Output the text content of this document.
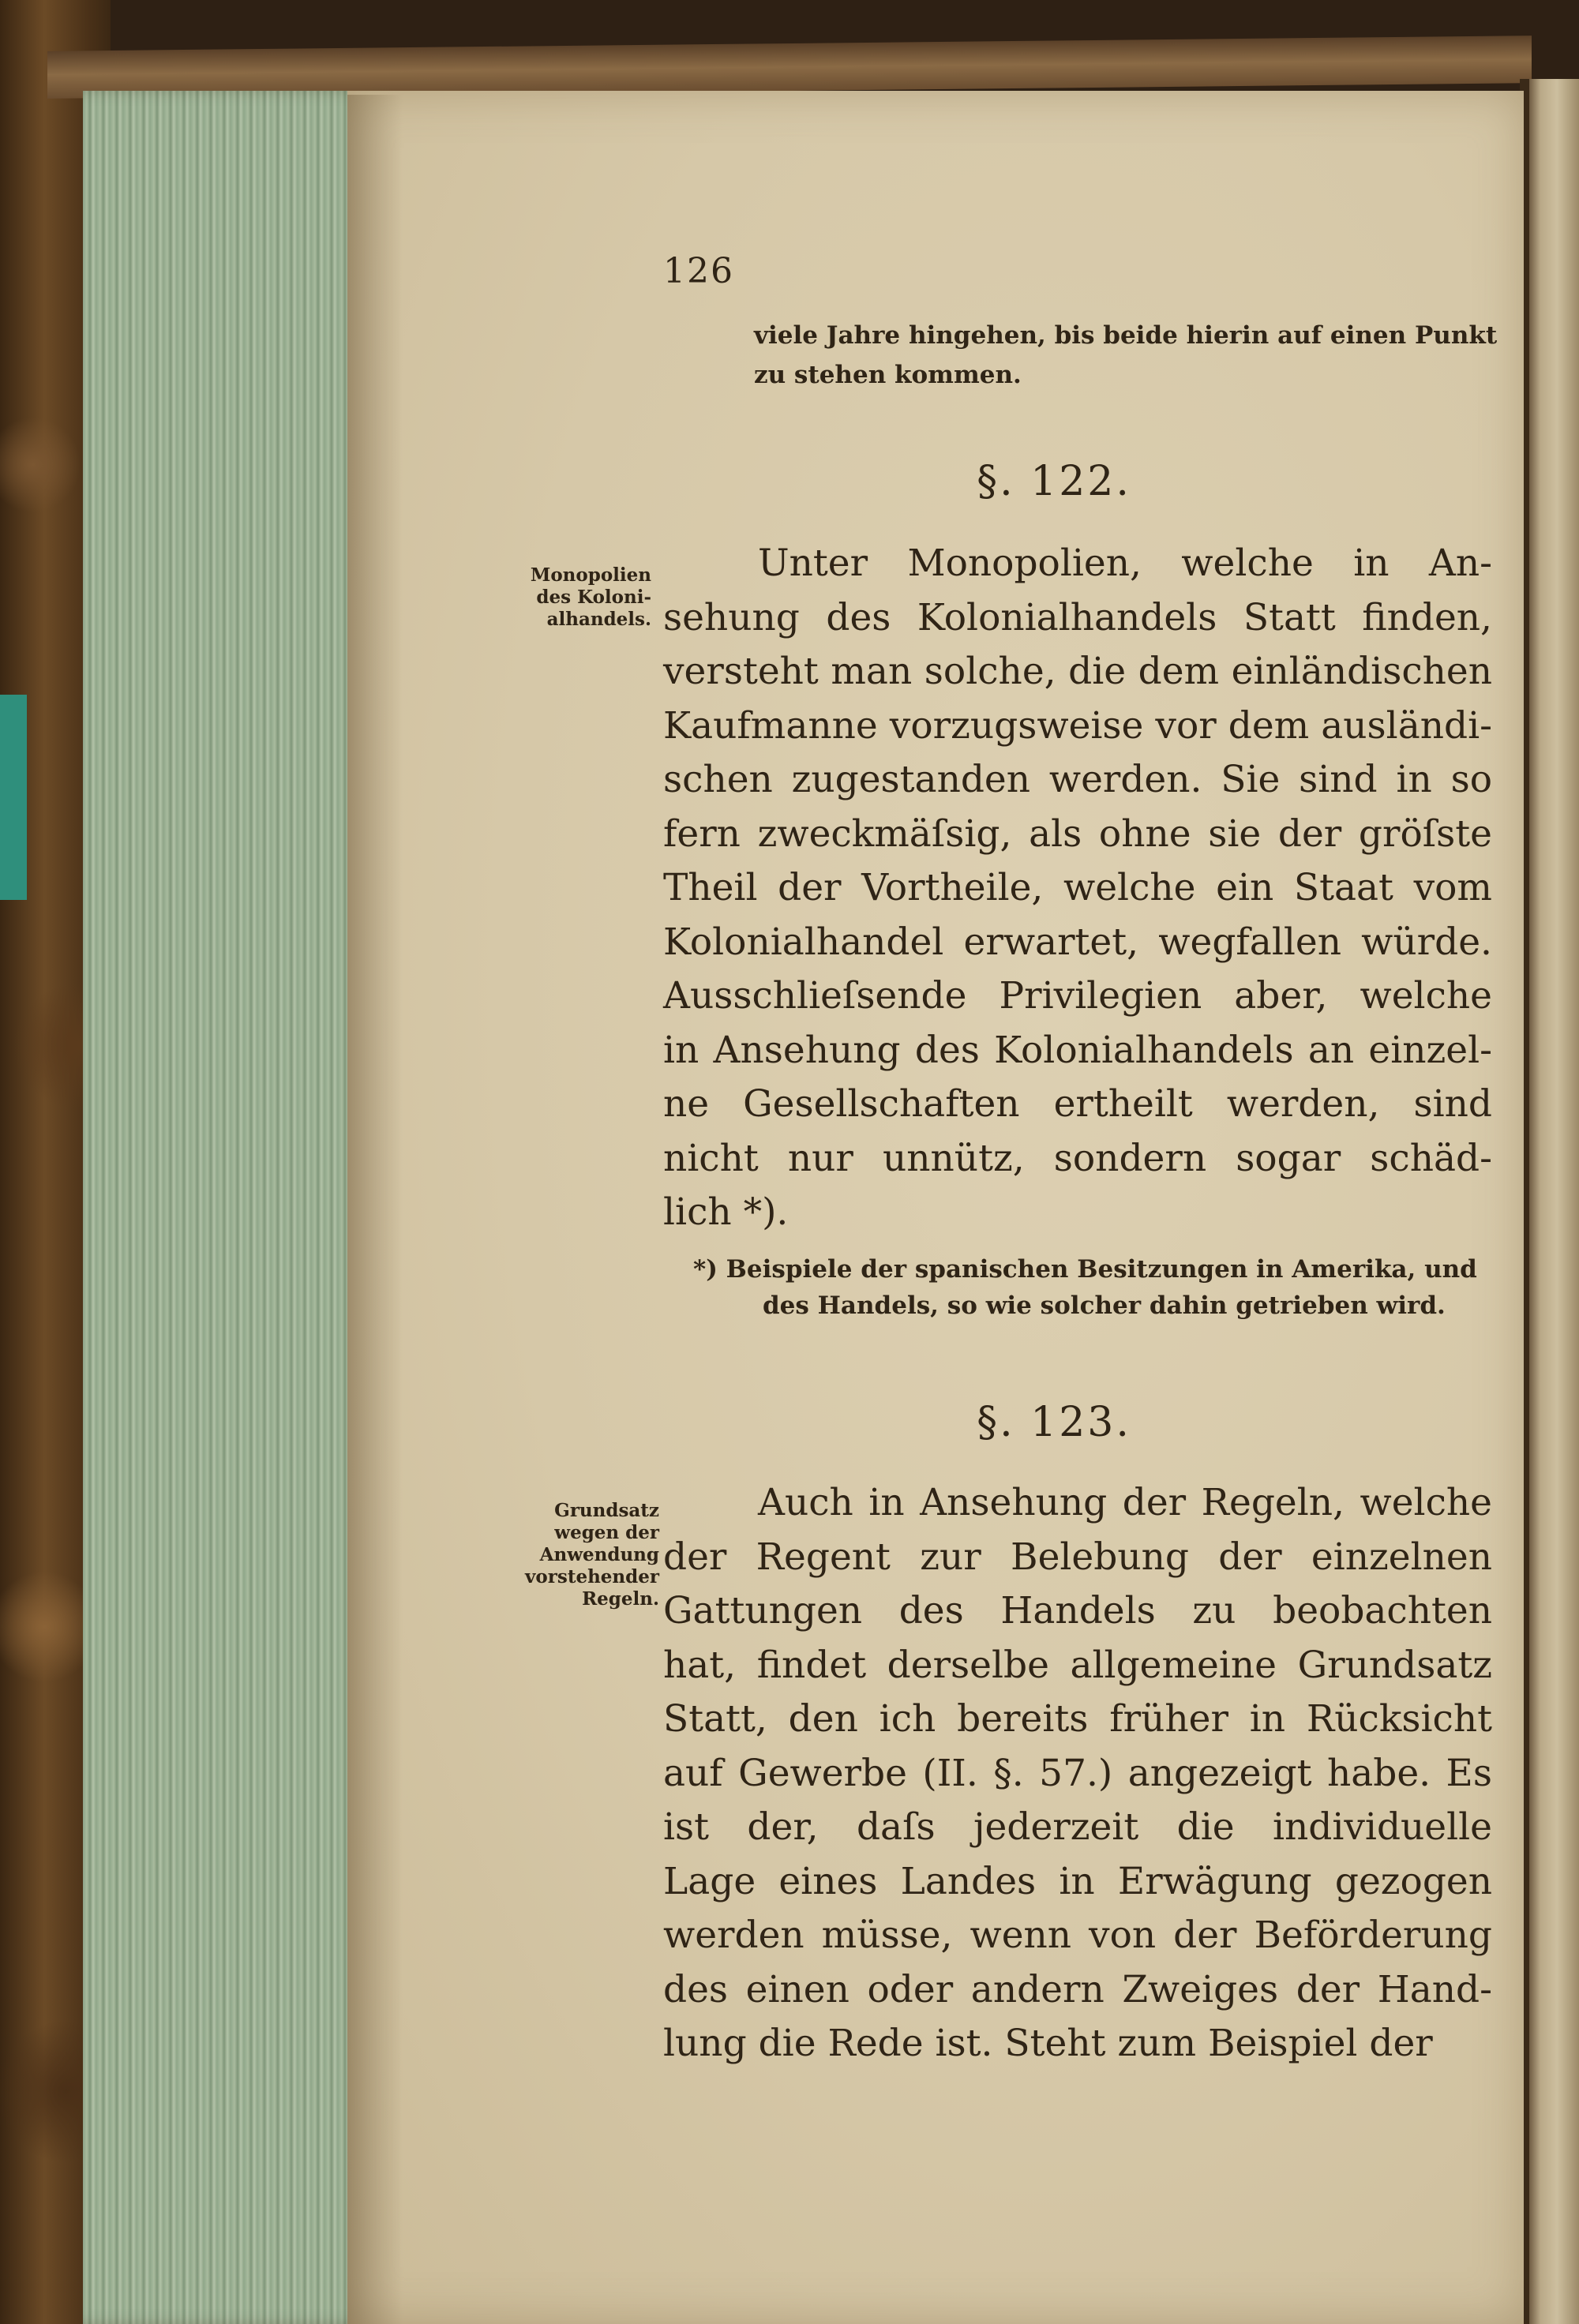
126
viele Jahre hingehen, bis beide hierin auf einen Punkt
zu stehen kommen.
§. 122.
Monopolien
des Koloni-
alhandels.
Unter Monopolien, welche in An-
sehung des Kolonialhandels Statt finden,
versteht man solche, die dem einländischen
Kaufmanne vorzugsweise vor dem ausländi-
schen zugestanden werden. Sie sind in so
fern zweckmäſsig, als ohne sie der gröſste
Theil der Vortheile, welche ein Staat vom
Kolonialhandel erwartet, wegfallen würde.
Ausschlieſsende Privilegien aber, welche
in Ansehung des Kolonialhandels an einzel-
ne Gesellschaften ertheilt werden, sind
nicht nur unnütz, sondern sogar schäd-
lich *).
*) Beispiele der spanischen Besitzungen in Amerika, und
des Handels, so wie solcher dahin getrieben wird.
§. 123.
Grundsatz
wegen der
Anwendung
vorstehender
Regeln.
Auch in Ansehung der Regeln, welche
der Regent zur Belebung der einzelnen
Gattungen des Handels zu beobachten
hat, findet derselbe allgemeine Grundsatz
Statt, den ich bereits früher in Rücksicht
auf Gewerbe (II. §. 57.) angezeigt habe. Es
ist der, daſs jederzeit die individuelle
Lage eines Landes in Erwägung gezogen
werden müsse, wenn von der Beförderung
des einen oder andern Zweiges der Hand-
lung die Rede ist. Steht zum Beispiel der
